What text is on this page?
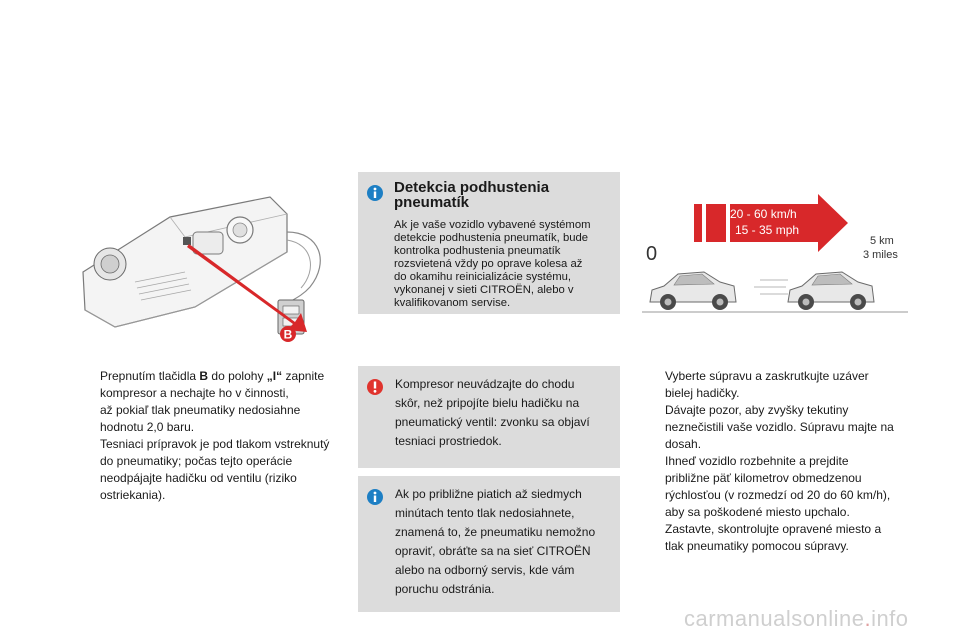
B
20 - 60 km/h
15 - 35 mph
0
5 km
3 miles
Detekcia podhustenia
pneumatík
Ak je vaše vozidlo vybavené systémom
detekcie podhustenia pneumatík, bude
kontrolka podhustenia pneumatík
rozsvietená vždy po oprave kolesa až
do okamihu reinicializácie systému,
vykonanej v sieti CITROËN, alebo v
kvalifikovanom servise.
Kompresor neuvádzajte do chodu
skôr, než pripojíte bielu hadičku na
pneumatický ventil: zvonku sa objaví
tesniaci prostriedok.
Ak po približne piatich až siedmych
minútach tento tlak nedosiahnete,
znamená to, že pneumatiku nemožno
opraviť, obráťte sa na sieť CITROËN
alebo na odborný servis, kde vám
poruchu odstránia.
Prepnutím tlačidla B do polohy „I“ zapnite
kompresor a nechajte ho v činnosti,
až pokiaľ tlak pneumatiky nedosiahne
hodnotu 2,0 baru.
Tesniaci prípravok je pod tlakom vstreknutý
do pneumatiky; počas tejto operácie
neodpájajte hadičku od ventilu (riziko
ostriekania).
Vyberte súpravu a zaskrutkujte uzáver
bielej hadičky.
Dávajte pozor, aby zvyšky tekutiny
neznečistili vaše vozidlo. Súpravu majte na
dosah.
Ihneď vozidlo rozbehnite a prejdite
približne päť kilometrov obmedzenou
rýchlosťou (v rozmedzí od 20 do 60 km/h),
aby sa poškodené miesto upchalo.
Zastavte, skontrolujte opravené miesto a
tlak pneumatiky pomocou súpravy.
carmanualsonline.info
